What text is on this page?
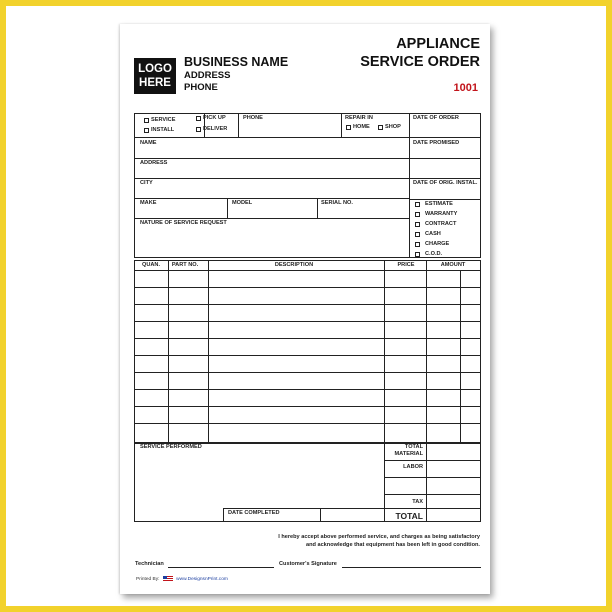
LOGO
HERE
BUSINESS NAME
ADDRESS
PHONE
APPLIANCE
SERVICE ORDER
1001
SERVICE
INSTALL
PICK UP
DELIVER
PHONE	REPAIR IN
HOME	SHOP
DATE OF ORDER
NAME	DATE PROMISED
ADDRESS
CITY	DATE OF ORIG. INSTAL.
MAKE	MODEL	SERIAL NO.
NATURE OF SERVICE REQUEST
ESTIMATE
WARRANTY
CONTRACT
CASH
CHARGE
C.O.D.
QUAN. PART NO.	DESCRIPTION	PRICE	AMOUNT
SERVICE PERFORMED	TOTAL
MATERIAL
LABOR
TAX
DATE COMPLETED	TOTAL
I hereby accept above performed service, and charges as being satisfactory
and acknowledge that equipment has been left in good condition.
Technician	Customer's Signature
Printed By:	www.DesignsnPrint.com
